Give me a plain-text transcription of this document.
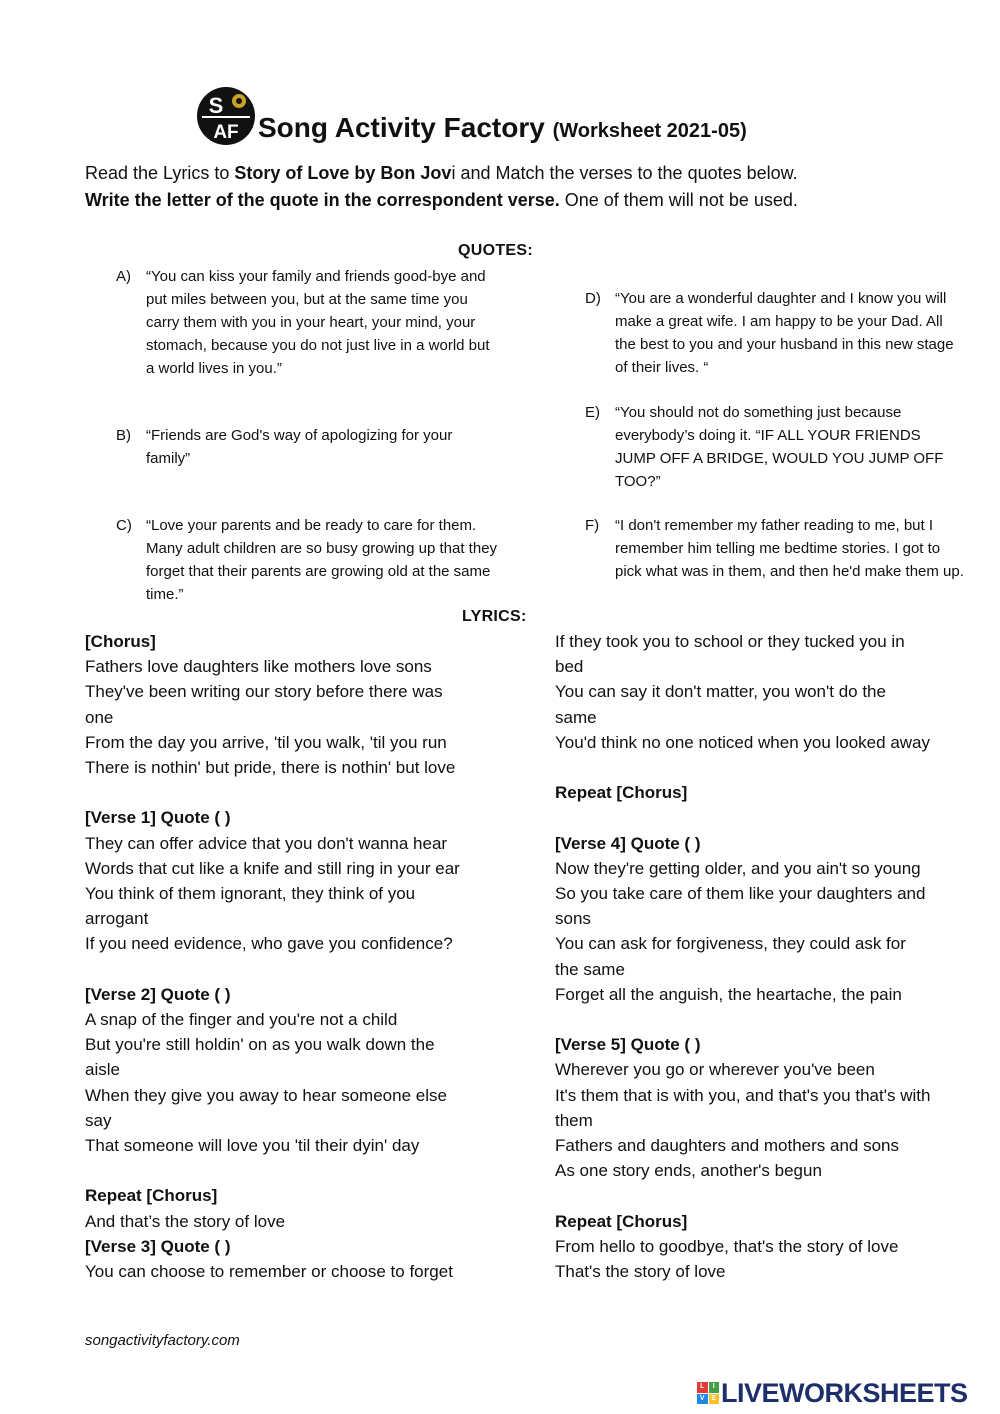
S
AF Song Activity Factory (Worksheet 2021-05)
Read the Lyrics to Story of Love by Bon Jovi and Match the verses to the quotes below.
Write the letter of the quote in the correspondent verse. One of them will not be used.
QUOTES:
A) “You can kiss your family and friends good-bye and put miles between you, but at the same time you carry them with you in your heart, your mind, your stomach, because you do not just live in a world but a world lives in you.”
B) “Friends are God's way of apologizing for your family”
C) “Love your parents and be ready to care for them. Many adult children are so busy growing up that they forget that their parents are growing old at the same time.”
D) “You are a wonderful daughter and I know you will make a great wife. I am happy to be your Dad. All the best to you and your husband in this new stage of their lives. “
E) “You should not do something just because everybody’s doing it. “IF ALL YOUR FRIENDS JUMP OFF A BRIDGE, WOULD YOU JUMP OFF TOO?”
F) “I don't remember my father reading to me, but I remember him telling me bedtime stories. I got to pick what was in them, and then he'd make them up.
LYRICS:
[Chorus]
Fathers love daughters like mothers love sons
They've been writing our story before there was
one
From the day you arrive, 'til you walk, 'til you run
There is nothin' but pride, there is nothin' but love
[Verse 1] Quote ( )
They can offer advice that you don't wanna hear
Words that cut like a knife and still ring in your ear
You think of them ignorant, they think of you
arrogant
If you need evidence, who gave you confidence?
[Verse 2] Quote ( )
A snap of the finger and you're not a child
But you're still holdin' on as you walk down the
aisle
When they give you away to hear someone else
say
That someone will love you 'til their dyin' day
Repeat [Chorus]
And that’s the story of love
[Verse 3] Quote ( )
You can choose to remember or choose to forget
If they took you to school or they tucked you in
bed
You can say it don't matter, you won't do the
same
You'd think no one noticed when you looked away
Repeat [Chorus]
[Verse 4] Quote ( )
Now they're getting older, and you ain't so young
So you take care of them like your daughters and
sons
You can ask for forgiveness, they could ask for
the same
Forget all the anguish, the heartache, the pain
[Verse 5] Quote ( )
Wherever you go or wherever you've been
It's them that is with you, and that's you that's with
them
Fathers and daughters and mothers and sons
As one story ends, another's begun
Repeat [Chorus]
From hello to goodbye, that's the story of love
That's the story of love
songactivityfactory.com
L	I
V E LIVEWORKSHEETS
